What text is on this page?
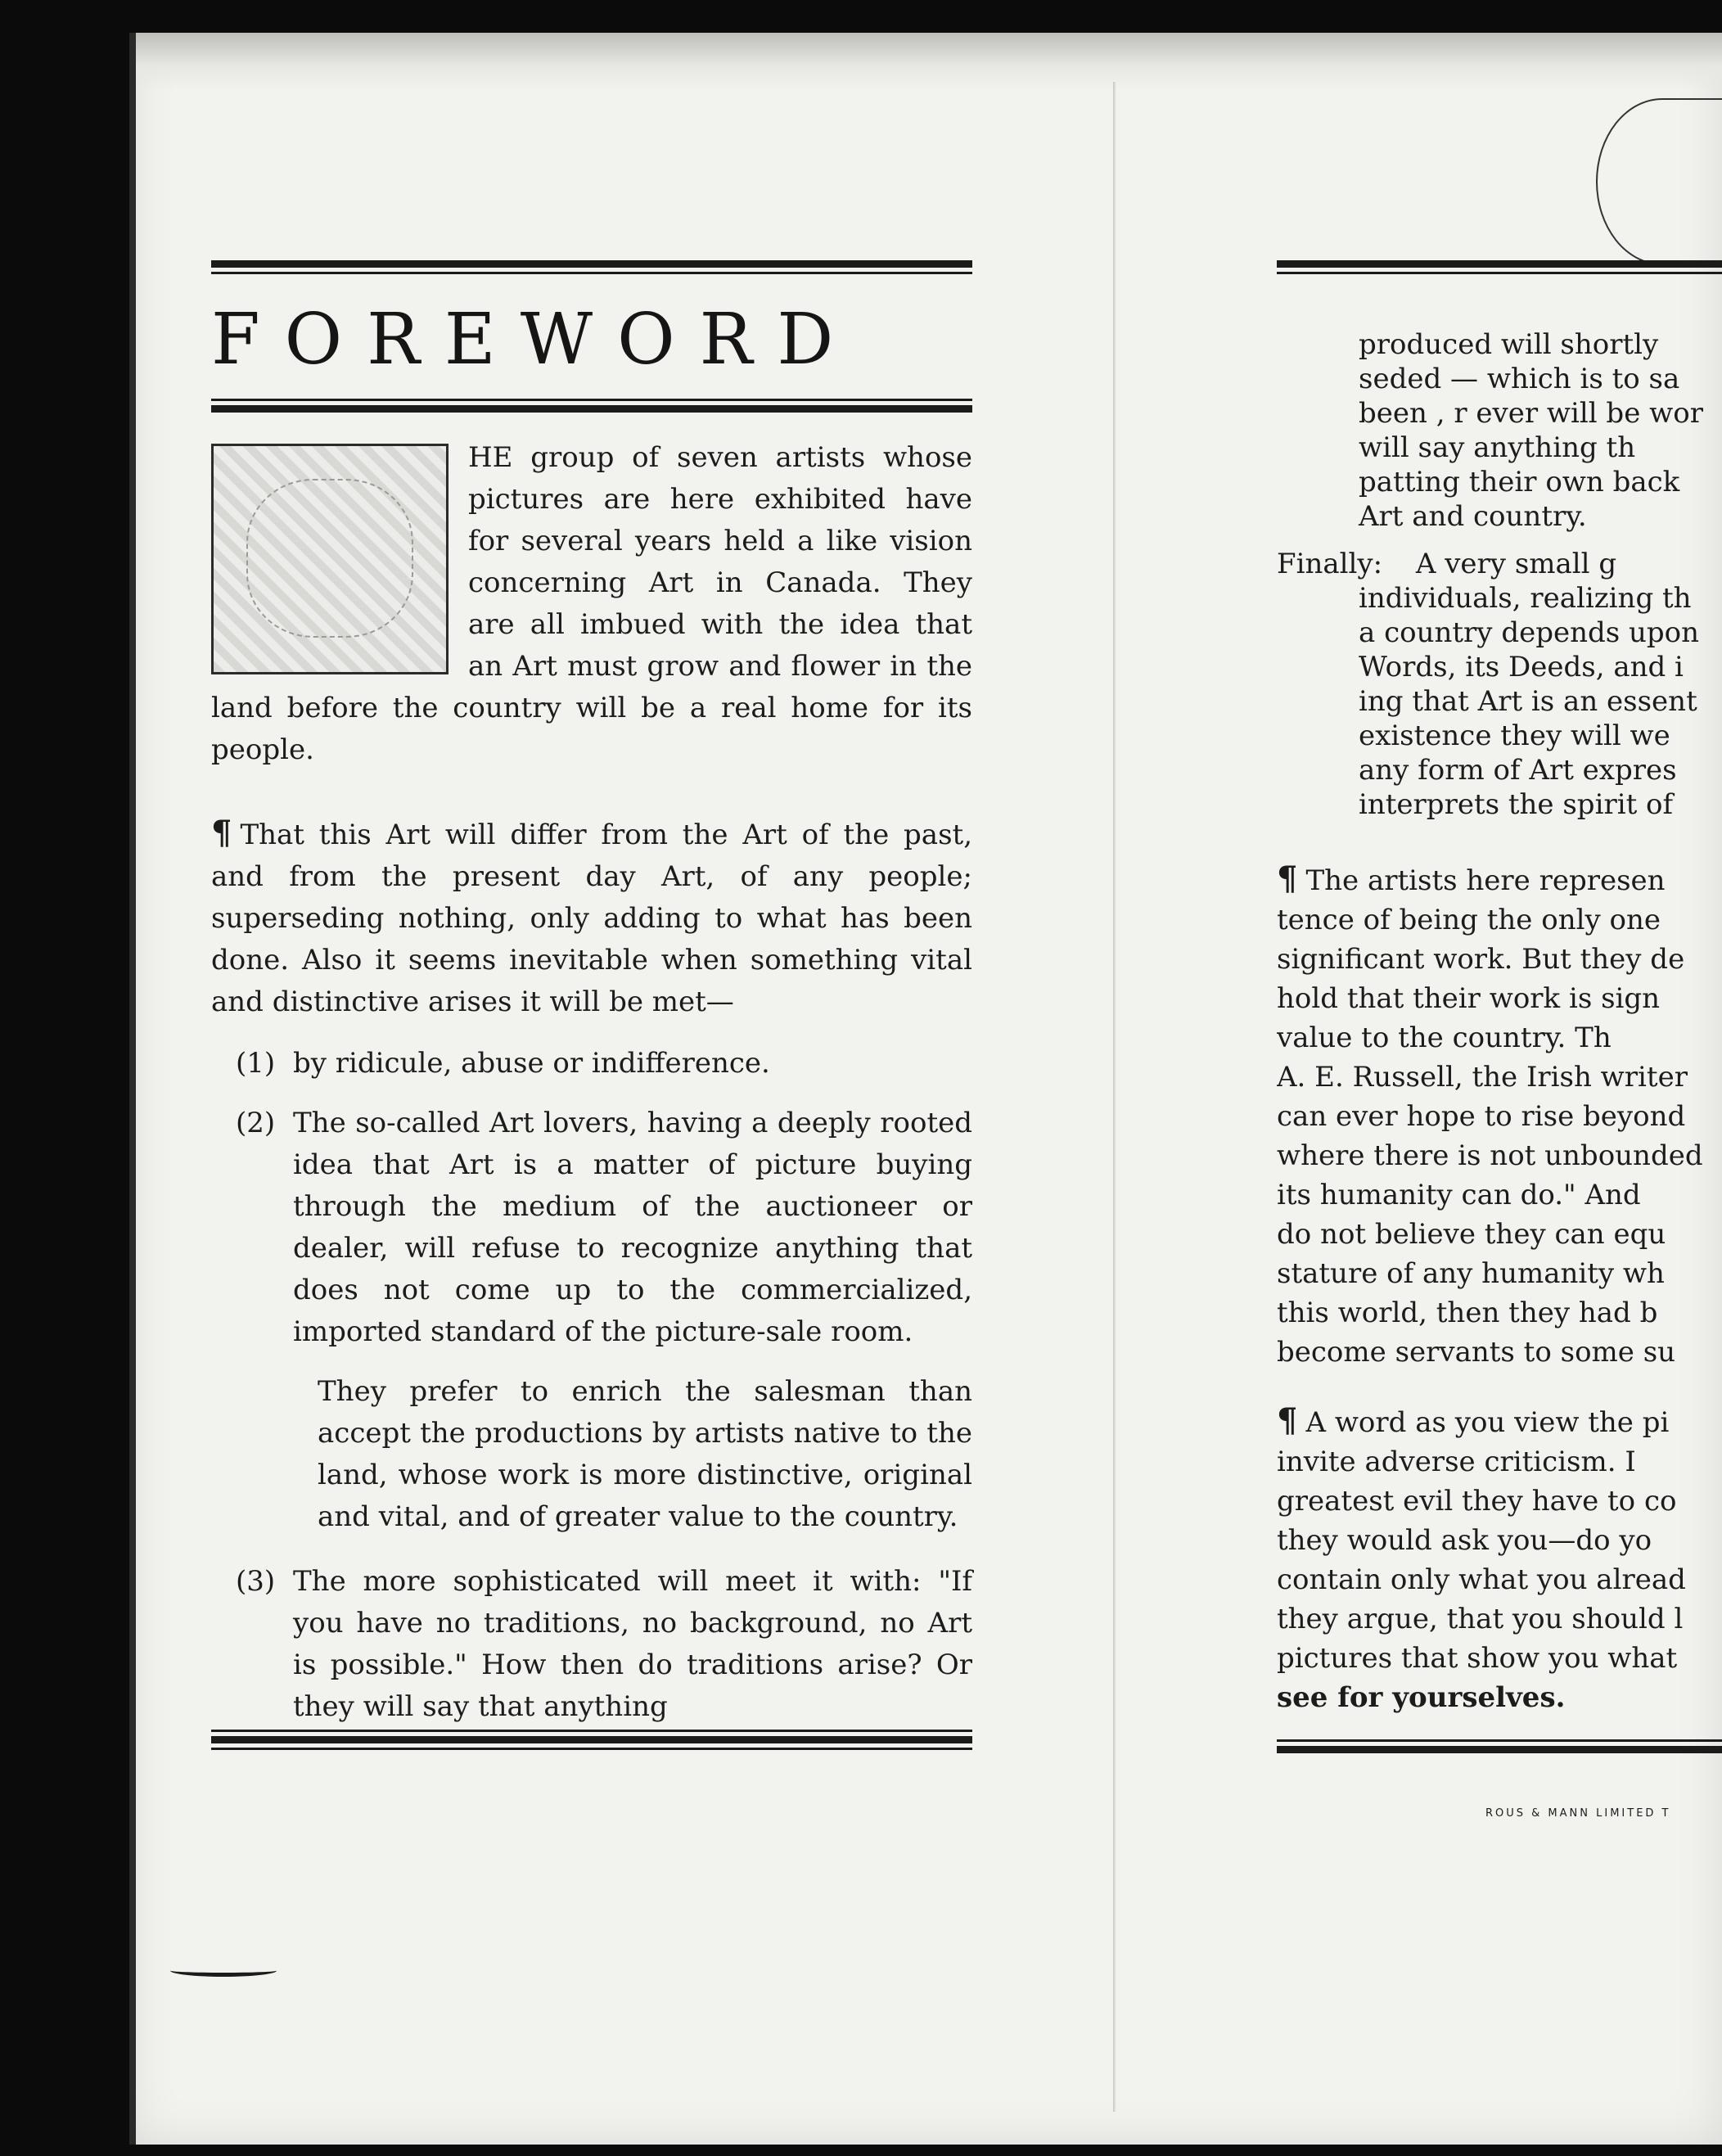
FOREWORD
HE group of seven artists whose pictures are here exhibited have for several years held a like vision concerning Art in Canada. They are all imbued with the idea that an Art must grow and flower in the land before the country will be a real home for its people.
¶ That this Art will differ from the Art of the past, and from the present day Art, of any people; superseding nothing, only adding to what has been done. Also it seems inevitable when something vital and distinctive arises it will be met—
(1) by ridicule, abuse or indifference.
(2) The so-called Art lovers, having a deeply rooted idea that Art is a matter of picture buying through the medium of the auctioneer or dealer, will refuse to recognize anything that does not come up to the commercialized, imported standard of the picture-sale room.
They prefer to enrich the salesman than accept the productions by artists native to the land, whose work is more distinctive, original and vital, and of greater value to the country.
(3) The more sophisticated will meet it with: "If you have no traditions, no background, no Art is possible." How then do traditions arise? Or they will say that anything
produced will shortly
seded — which is to sa
been , r ever will be wor
will say anything th
patting their own back
Art and country.
Finally: A very small g
individuals, realizing th
a country depends upon
Words, its Deeds, and i
ing that Art is an essent
existence they will we
any form of Art expres
interprets the spirit of
¶ The artists here represen
tence of being the only one
significant work. But they de
hold that their work is sign
value to the country. Th
A. E. Russell, the Irish writer
can ever hope to rise beyond
where there is not unbounded
its humanity can do." And
do not believe they can equ
stature of any humanity wh
this world, then they had b
become servants to some su
¶ A word as you view the pi
invite adverse criticism. I
greatest evil they have to co
they would ask you—do yo
contain only what you alread
they argue, that you should l
pictures that show you what
see for yourselves.
ROUS & MANN LIMITED T
